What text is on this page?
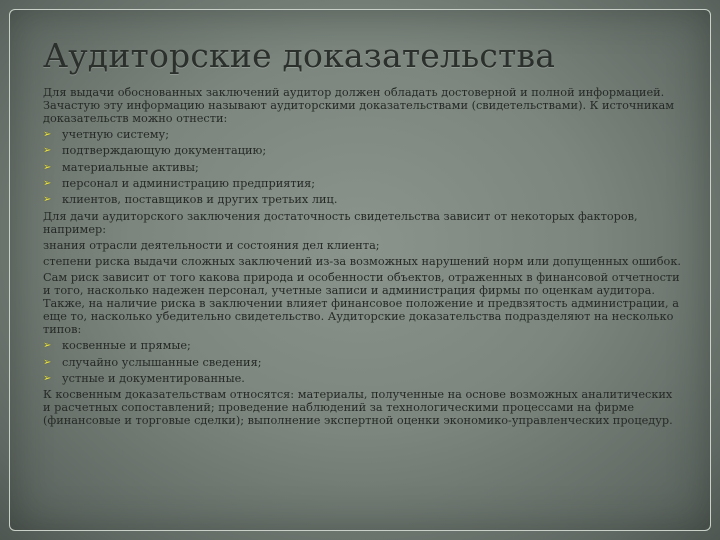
Аудиторские доказательства

Для выдачи обоснованных заключений аудитор должен обладать достоверной и полной информацией. Зачастую эту информацию называют аудиторскими доказательствами (свидетельствами). К источникам доказательств можно отнести:

➢ учетную систему;
➢ подтверждающую документацию;
➢ материальные активы;
➢ персонал и администрацию предприятия;
➢ клиентов, поставщиков и других третьих лиц.

Для дачи аудиторского заключения достаточность свидетельства зависит от некоторых факторов, например:

знания отрасли деятельности и состояния дел клиента;

степени риска выдачи сложных заключений из-за возможных нарушений норм или допущенных ошибок.

Сам риск зависит от того какова природа и особенности объектов, отраженных в финансовой отчетности и того, насколько надежен персонал, учетные записи и администрация фирмы по оценкам аудитора. Также, на наличие риска в заключении влияет финансовое положение и предвзятость администрации, а еще то, насколько убедительно свидетельство. Аудиторские доказательства подразделяют на несколько типов:

➢ косвенные и прямые;
➢ случайно услышанные сведения;
➢ устные и документированные.

К косвенным доказательствам относятся: материалы, полученные на основе возможных аналитических и расчетных сопоставлений; проведение наблюдений за технологическими процессами на фирме (финансовые и торговые сделки); выполнение экспертной оценки экономико-управленческих процедур.
